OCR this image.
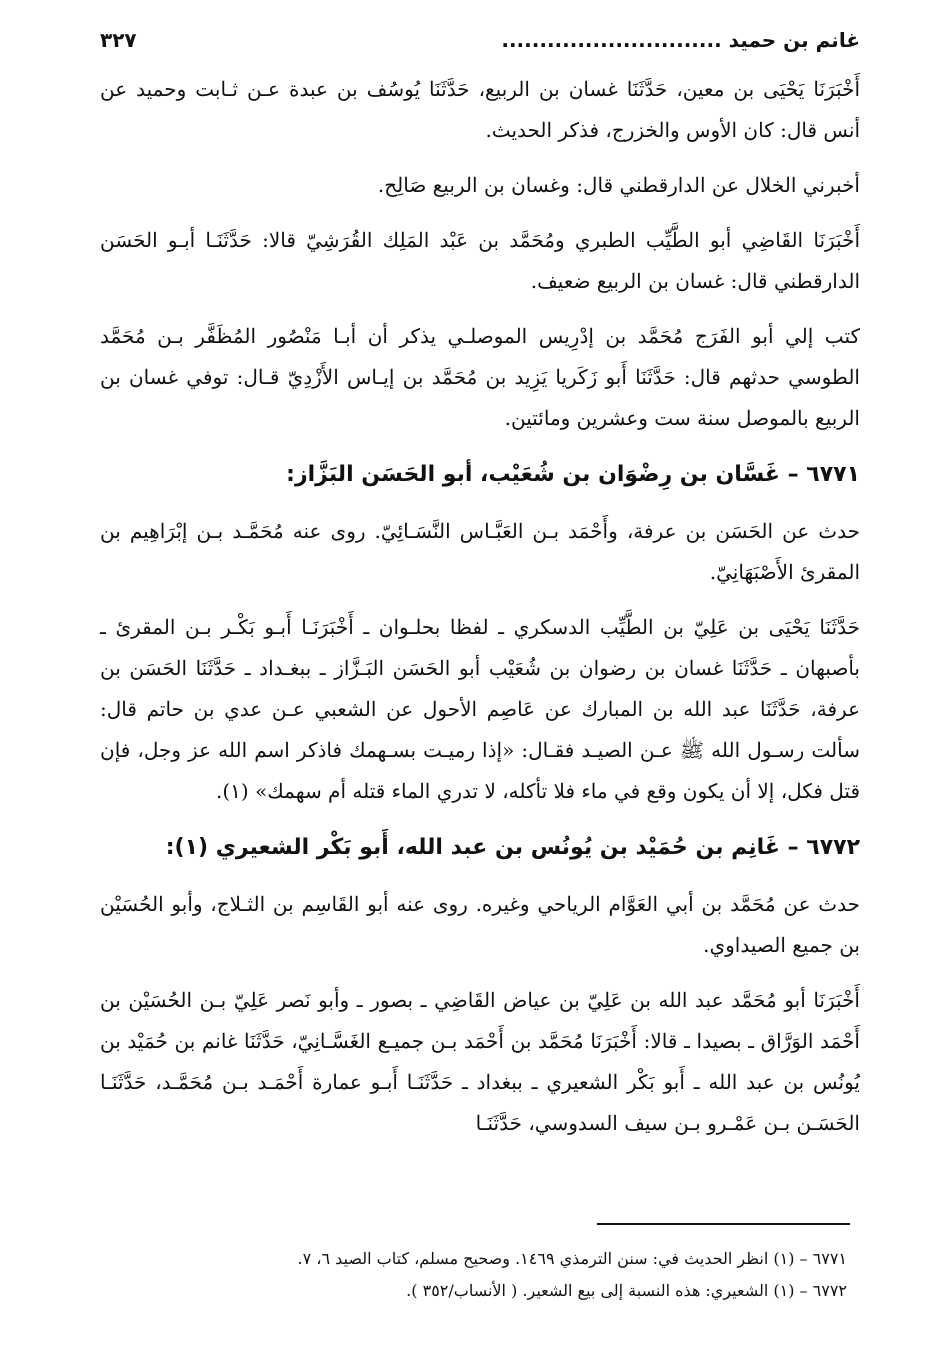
غانم بن حميد .............................
٣٢٧

أَخْبَرَنَا يَحْيَى بن معين، حَدَّثَنَا غسان بن الربيع، حَدَّثَنَا يُوسُف بن عبدة عـن ثـابت وحميد عن أنس قال: كان الأوس والخزرج، فذكر الحديث.

أخبرني الخلال عن الدارقطني قال: وغسان بن الربيع صَالِح.

أَخْبَرَنَا القَاضِي أبو الطَّيِّب الطبري ومُحَمَّد بن عَبْد المَلِك القُرَشِيّ قالا: حَدَّثَنَـا أبـو الحَسَن الدارقطني قال: غسان بن الربيع ضعيف.

كتب إلي أبو الفَرَج مُحَمَّد بن إدْرِيس الموصلـي يذكر أن أبـا مَنْصُور المُظَفَّر بـن مُحَمَّد الطوسي حدثهم قال: حَدَّثَنَا أَبو زَكَريا يَزِيد بن مُحَمَّد بن إيـاس الأَزْدِيّ قـال: توفي غسان بن الربيع بالموصل سنة ست وعشرين ومائتين.

٦٧٧١ – غَسَّان بن رِضْوَان بن شُعَيْب، أبو الحَسَن البَزَّاز:

حدث عن الحَسَن بن عرفة، وأَحْمَد بـن العَبَّـاس النَّسَـائِيّ. روى عنه مُحَمَّـد بـن إبْرَاهِيم بن المقرئ الأَصْبَهَانِيّ.

حَدَّثَنَا يَحْيَى بن عَلِيّ بن الطَّيِّب الدسكري ـ لفظا بحلـوان ـ أَخْبَرَنَـا أَبـو بَكْـر بـن المقرئ ـ بأصبهان ـ حَدَّثَنَا غسان بن رضوان بن شُعَيْب أبو الحَسَن البَـزَّاز ـ ببغـداد ـ حَدَّثَنَا الحَسَن بن عرفة، حَدَّثَنَا عبد الله بن المبارك عن عَاصِم الأحول عن الشعبي عـن عدي بن حاتم قال: سألت رسـول الله ﷺ عـن الصيـد فقـال: «إذا رميـت بسـهمك فاذكر اسم الله عز وجل، فإن قتل فكل، إلا أن يكون وقع في ماء فلا تأكله، لا تدري الماء قتله أم سهمك» (١).

٦٧٧٢ – غَانِم بن حُمَيْد بن يُونُس بن عبد الله، أَبو بَكْر الشعيري (١):

حدث عن مُحَمَّد بن أبي العَوَّام الرياحي وغيره. روى عنه أبو القَاسِم بن الثـلاج، وأبو الحُسَيْن بن جميع الصيداوي.

أَخْبَرَنَا أبو مُحَمَّد عبد الله بن عَلِيّ بن عياض القَاضِي ـ بصور ـ وأبو نَصر عَلِيّ بـن الحُسَيْن بن أَحْمَد الوَرَّاق ـ بصيدا ـ قالا: أَخْبَرَنَا مُحَمَّد بن أَحْمَد بـن جميـع الغَسَّـانِيّ، حَدَّثَنَا غانم بن حُمَيْد بن يُونُس بن عبد الله ـ أَبو بَكْر الشعيري ـ ببغداد ـ حَدَّثَنَـا أَبـو عمارة أَحْمَـد بـن مُحَمَّـد، حَدَّثَنَـا الحَسَـن بـن عَمْـرو بـن سيف السدوسي، حَدَّثَنَـا

٦٧٧١ – (١) انظر الحديث في: سنن الترمذي ١٤٦٩. وصحيح مسلم، كتاب الصيد ٦، ٧.

٦٧٧٢ – (١) الشعيري: هذه النسبة إلى بيع الشعير. ( الأنساب/٣٥٢ ).
